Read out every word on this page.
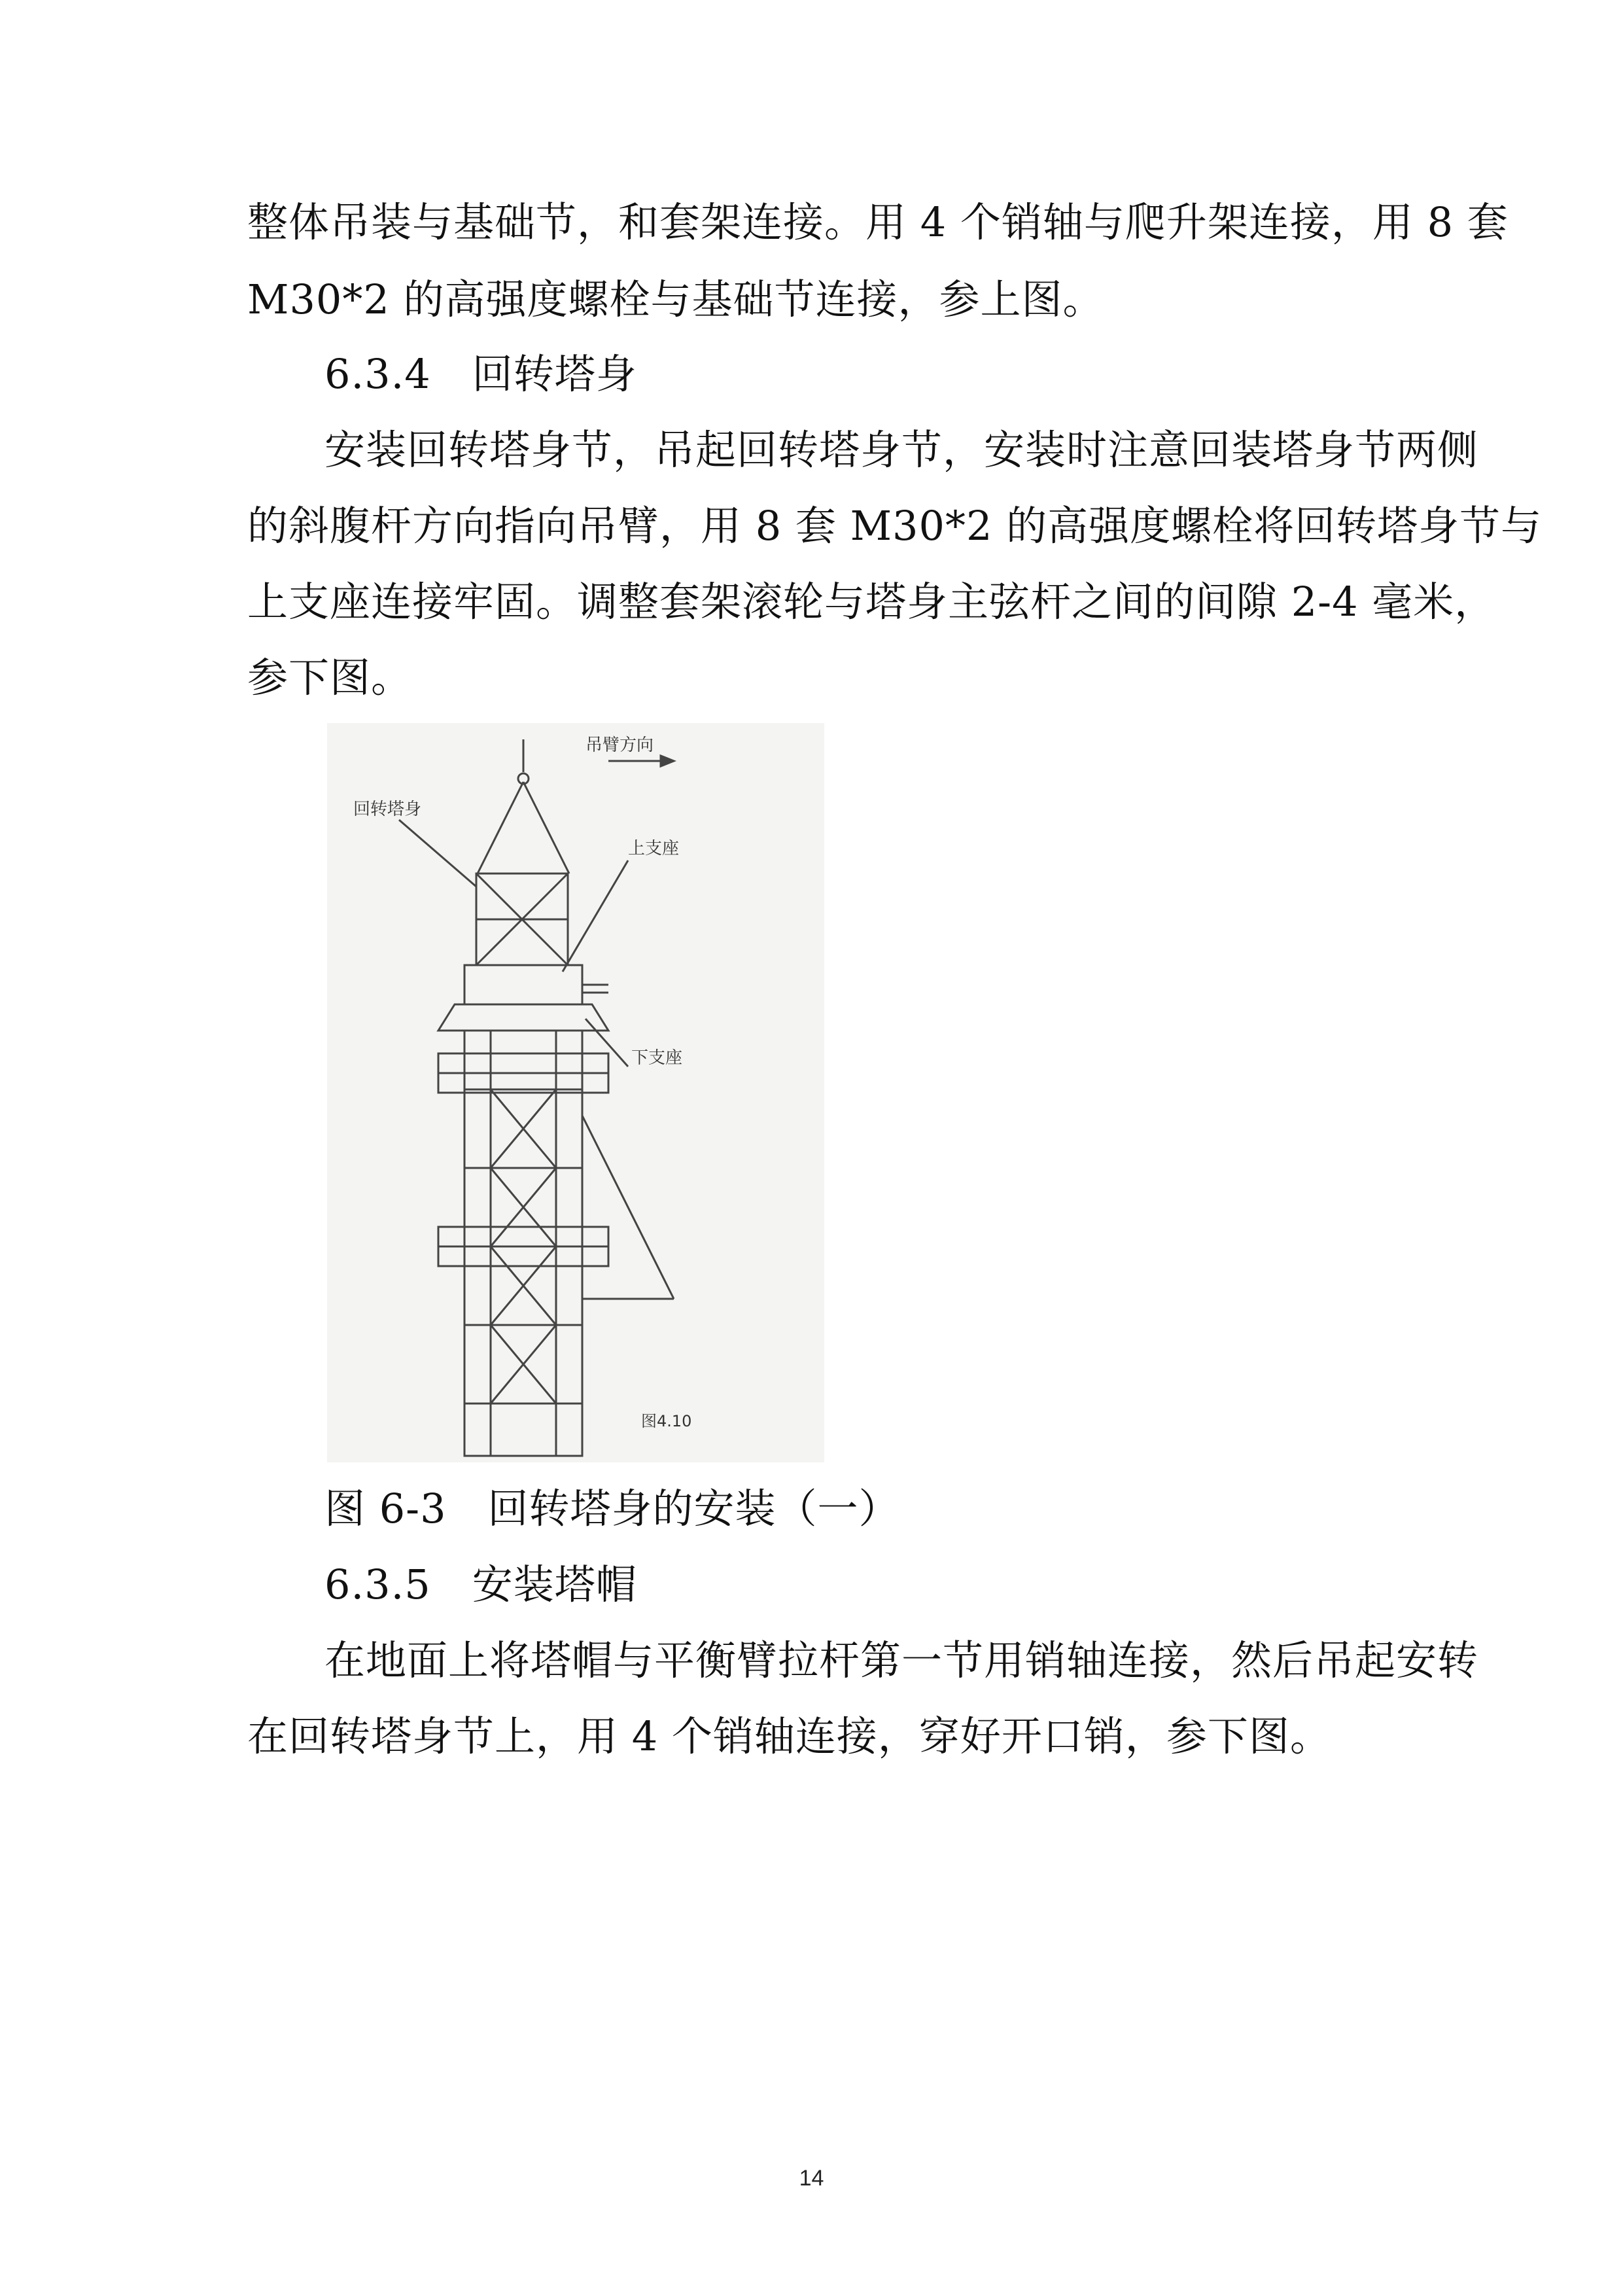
整体吊装与基础节，和套架连接。用 4 个销轴与爬升架连接，用 8 套
M30*2 的高强度螺栓与基础节连接，参上图。
6.3.4　回转塔身
安装回转塔身节，吊起回转塔身节，安装时注意回装塔身节两侧
的斜腹杆方向指向吊臂，用 8 套 M30*2 的高强度螺栓将回转塔身节与
上支座连接牢固。调整套架滚轮与塔身主弦杆之间的间隙 2-4 毫米，
参下图。
吊臂方向
回转塔身
上支座
下支座
图4.10
图 6-3　回转塔身的安装（一）
6.3.5　安装塔帽
在地面上将塔帽与平衡臂拉杆第一节用销轴连接，然后吊起安转
在回转塔身节上，用 4 个销轴连接，穿好开口销，参下图。
14
